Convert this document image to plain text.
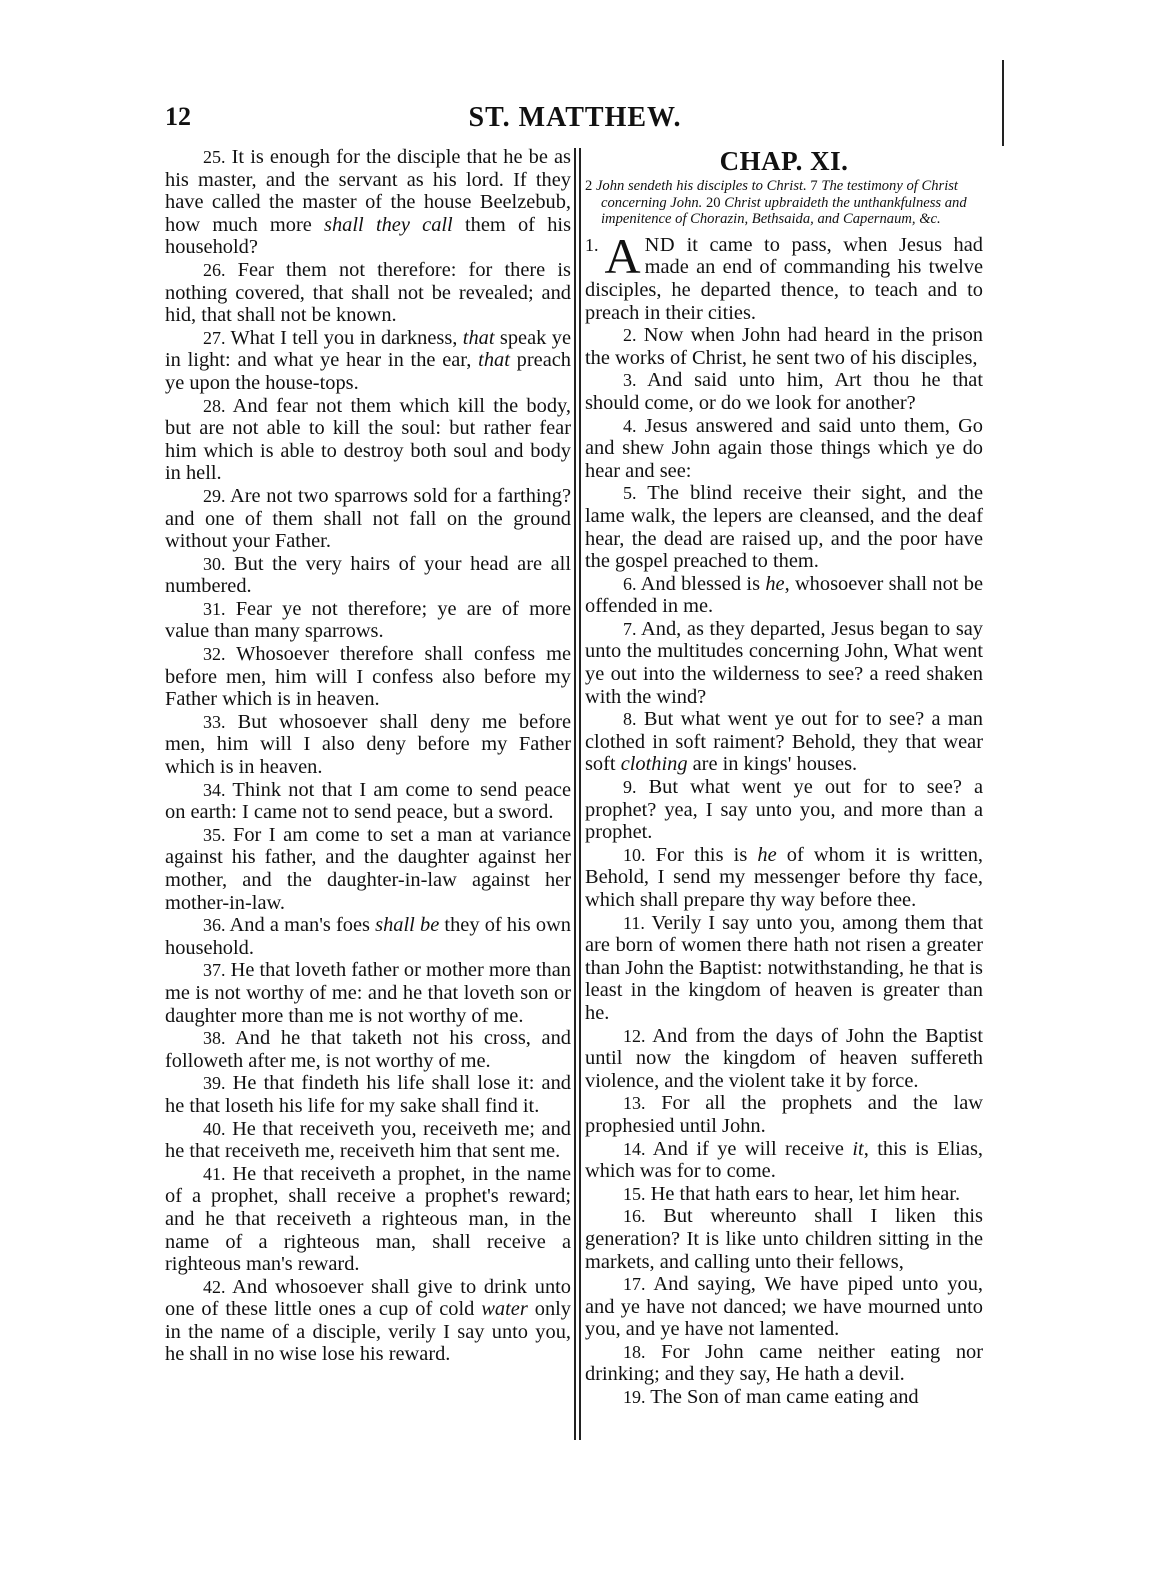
12	ST. MATTHEW.

25. It is enough for the disciple that he be as his master, and the servant as his lord. If they have called the master of the house Beelzebub, how much more shall they call them of his household?

26. Fear them not therefore: for there is nothing covered, that shall not be revealed; and hid, that shall not be known.

27. What I tell you in darkness, that speak ye in light: and what ye hear in the ear, that preach ye upon the house-tops.

28. And fear not them which kill the body, but are not able to kill the soul: but rather fear him which is able to destroy both soul and body in hell.

29. Are not two sparrows sold for a farthing? and one of them shall not fall on the ground without your Father.

30. But the very hairs of your head are all numbered.

31. Fear ye not therefore; ye are of more value than many sparrows.

32. Whosoever therefore shall confess me before men, him will I confess also before my Father which is in heaven.

33. But whosoever shall deny me before men, him will I also deny before my Father which is in heaven.

34. Think not that I am come to send peace on earth: I came not to send peace, but a sword.

35. For I am come to set a man at variance against his father, and the daughter against her mother, and the daughter-in-law against her mother-in-law.

36. And a man's foes shall be they of his own household.

37. He that loveth father or mother more than me is not worthy of me: and he that loveth son or daughter more than me is not worthy of me.

38. And he that taketh not his cross, and followeth after me, is not worthy of me.

39. He that findeth his life shall lose it: and he that loseth his life for my sake shall find it.

40. He that receiveth you, receiveth me; and he that receiveth me, receiveth him that sent me.

41. He that receiveth a prophet, in the name of a prophet, shall receive a prophet's reward; and he that receiveth a righteous man, in the name of a righteous man, shall receive a righteous man's reward.

42. And whosoever shall give to drink unto one of these little ones a cup of cold water only in the name of a disciple, verily I say unto you, he shall in no wise lose his reward.

CHAP. XI.

2 John sendeth his disciples to Christ. 7 The testimony of Christ concerning John. 20 Christ upbraideth the unthankfulness and impenitence of Chorazin, Bethsaida, and Capernaum, &c.

1. A ND it came to pass, when Jesus had made an end of commanding his twelve disciples, he departed thence, to teach and to preach in their cities.

2. Now when John had heard in the prison the works of Christ, he sent two of his disciples,

3. And said unto him, Art thou he that should come, or do we look for another?

4. Jesus answered and said unto them, Go and shew John again those things which ye do hear and see:

5. The blind receive their sight, and the lame walk, the lepers are cleansed, and the deaf hear, the dead are raised up, and the poor have the gospel preached to them.

6. And blessed is he, whosoever shall not be offended in me.

7. And, as they departed, Jesus began to say unto the multitudes concerning John, What went ye out into the wilderness to see? a reed shaken with the wind?

8. But what went ye out for to see? a man clothed in soft raiment? Behold, they that wear soft clothing are in kings' houses.

9. But what went ye out for to see? a prophet? yea, I say unto you, and more than a prophet.

10. For this is he of whom it is written, Behold, I send my messenger before thy face, which shall prepare thy way before thee.

11. Verily I say unto you, among them that are born of women there hath not risen a greater than John the Baptist: notwithstanding, he that is least in the kingdom of heaven is greater than he.

12. And from the days of John the Baptist until now the kingdom of heaven suffereth violence, and the violent take it by force.

13. For all the prophets and the law prophesied until John.

14. And if ye will receive it, this is Elias, which was for to come.

15. He that hath ears to hear, let him hear.

16. But whereunto shall I liken this generation? It is like unto children sitting in the markets, and calling unto their fellows,

17. And saying, We have piped unto you, and ye have not danced; we have mourned unto you, and ye have not lamented.

18. For John came neither eating nor drinking; and they say, He hath a devil.

19. The Son of man came eating and
